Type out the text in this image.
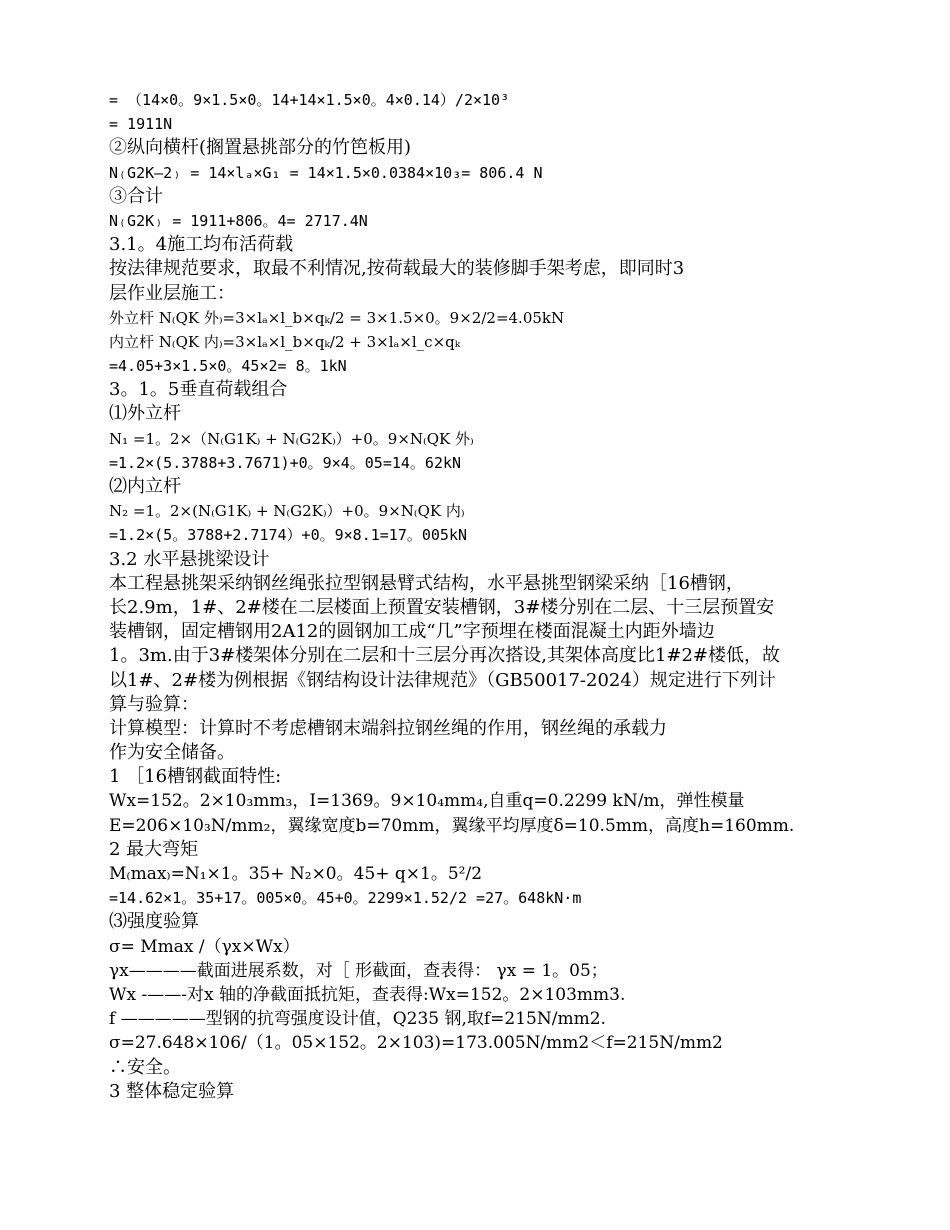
= （14×0。9×1.5×0。14+14×1.5×0。4×0.14）/2×10³
= 1911N
②纵向横杆(搁置悬挑部分的竹笆板用)
N₍G2K—2₎ = 14×lₐ×G₁ = 14×1.5×0.0384×10₃= 806.4 N
③合计
N₍G2K₎ = 1911+806。4= 2717.4N
3.1。4施工均布活荷载
按法律规范要求，取最不利情况,按荷载最大的装修脚手架考虑，即同时3
层作业层施工：
外立杆 N₍QK 外₎=3×lₐ×l_b×qₖ/2 = 3×1.5×0。9×2/2=4.05kN
内立杆 N₍QK 内₎=3×lₐ×l_b×qₖ/2 + 3×lₐ×l_c×qₖ
=4.05+3×1.5×0。45×2= 8。1kN
3。1。5垂直荷载组合
⑴外立杆
N₁ =1。2×（N₍G1K₎ + N₍G2K₎）+0。9×N₍QK 外₎
=1.2×(5.3788+3.7671)+0。9×4。05=14。62kN
⑵内立杆
N₂ =1。2×(N₍G1K₎ + N₍G2K₎）+0。9×N₍QK 内₎
=1.2×(5。3788+2.7174）+0。9×8.1=17。005kN
3.2 水平悬挑梁设计
本工程悬挑架采纳钢丝绳张拉型钢悬臂式结构，水平悬挑型钢梁采纳［16槽钢，
长2.9m，1#、2#楼在二层楼面上预置安装槽钢，3#楼分别在二层、十三层预置安
装槽钢，固定槽钢用2A12的圆钢加工成“几”字预埋在楼面混凝土内距外墙边
1。3m.由于3#楼架体分别在二层和十三层分再次搭设,其架体高度比1#2#楼低，故
以1#、2#楼为例根据《钢结构设计法律规范》（GB50017-2024）规定进行下列计
算与验算：
计算模型：计算时不考虑槽钢末端斜拉钢丝绳的作用，钢丝绳的承载力
作为安全储备。
1 ［16槽钢截面特性:
Wx=152。2×10₃mm₃，I=1369。9×10₄mm₄,自重q=0.2299 kN/m，弹性模量
E=206×10₃N/mm₂，翼缘宽度b=70mm，翼缘平均厚度δ=10.5mm，高度h=160mm.
2 最大弯矩
M₍max₎=N₁×1。35+ N₂×0。45+ q×1。5²/2
=14.62×1。35+17。005×0。45+0。2299×1.52/2 =27。648kN·m
⑶强度验算
σ= Mmax /（γx×Wx）
γx————截面进展系数，对［ 形截面，查表得： γx = 1。05；
Wx -——-对x 轴的净截面抵抗矩，查表得:Wx=152。2×103mm3.
f —————型钢的抗弯强度设计值，Q235 钢,取f=215N/mm2.
σ=27.648×106/（1。05×152。2×103)=173.005N/mm2＜f=215N/mm2
∴安全。
3 整体稳定验算
